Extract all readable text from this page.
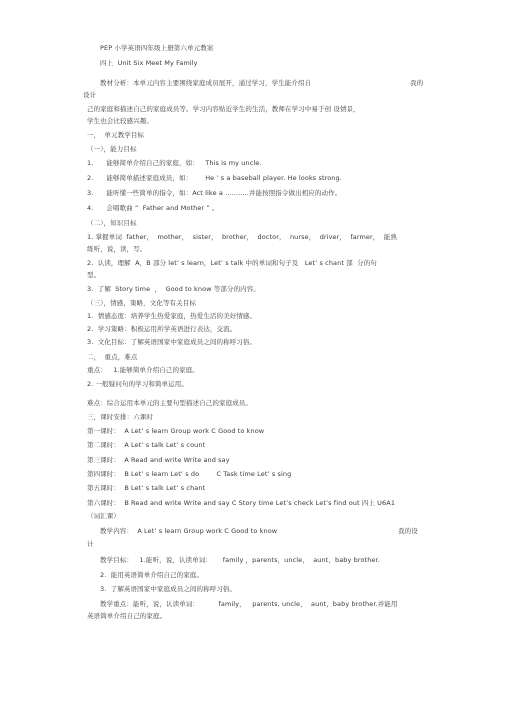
PEP 小学英语四年级上册第六单元教案
四上  Unit Six Meet My Family
教材分析：本单元内容主要围绕家庭成员展开，通过学习，学生能介绍自	我的
设计
己的家庭和描述自己的家庭成员等。学习内容贴近学生的生活，教师在学习中易于创 设情景，
学生也会比较感兴趣。
一，  单元教学目标
（一），能力目标
1.      能够简单介绍自己的家庭，如：   This is my uncle.
2.      能够简单描述家庭成员，如：      He ’ s a baseball player. He looks strong.
3.      能听懂一些简单的指令，如：Act like a ...........并能按照指令做出相应的动作。
4.      会唱歌曲 “  Father and Mother ” 。
（二），知识目标
1. 掌握单词  father，  mother，  sister，  brother，  doctor，  nurse，  driver，  farmer，  能熟
练听，说，读，写。
2.  认读，理解  A，B 部分 let’ s learn，Let’ s talk 中的单词和句子及   Let’ s chant 部  分的句
型。
3.  了解  Story time  ，  Good to know 等部分的内容。
（三），情感，策略，文化等有关目标
1.  情感态度：培养学生热爱家庭，热爱生活的美好情感。
2.  学习策略：积极运用所学英语进行表达，交流。
3.  文化目标：了解英语国家中家庭成员之间的称呼习俗。
二，  重点，难点
重点：   1.能够简单介绍自己的家庭。
2. 一般疑问句的学习和简单运用。
难点：综合运用本单元的主要句型描述自己的家庭成员。
三，课时安排：六课时
第一课时：  A Let’ s learn Group work C Good to know
第二课时：  A Let’ s talk Let’ s count
第三课时：  A Read and write Write and say
第四课时：  B Let’ s learn Let’ s do        C Task time Let’ s sing
第五课时：  B Let’ s talk Let’ s chant
第六课时：  B Read and write Write and say C Story time Let’s check Let’s find out 四上 U6A1
（词汇课）
教学内容：  A Let’ s learn Group work C Good to know	我的设
计
教学目标：   1.能听，说，认读单词：     family ，parents，uncle，  aunt，baby brother.
2.  能用英语简单介绍自己的家庭。
3.  了解英语国家中家庭成员之间的称呼习俗。
教学重点：能听，说，认读单词：         family，   parents, uncle，  aunt，baby brother.并能用
英语简单介绍自己的家庭。
